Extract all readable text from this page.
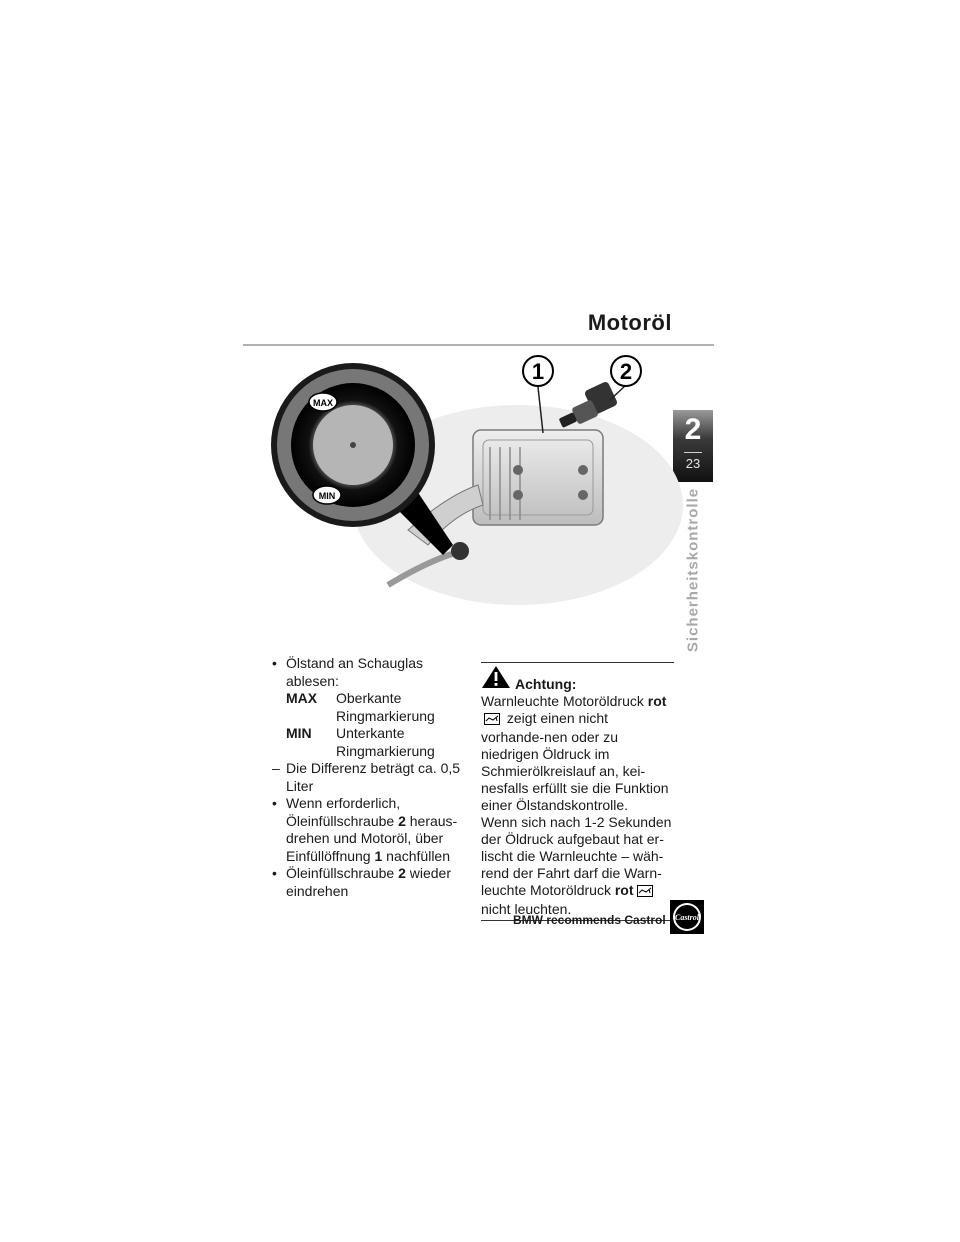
Motoröl
2
23
Sicherheitskontrolle
MAX
MIN
1	2
• Ölstand an Schauglas ablesen:
MAX	Oberkante Ringmarkierung
MIN	Unterkante Ringmarkierung
– Die Differenz beträgt ca. 0,5 Liter
• Wenn erforderlich, Öleinfüllschraube 2 heraus-drehen und Motoröl, über Einfüllöffnung 1 nachfüllen
• Öleinfüllschraube 2 wieder eindrehen
Achtung:
Warnleuchte Motoröldruck rot
zeigt einen nicht vorhande-nen oder zu niedrigen Öldruck im Schmierölkreislauf an, kei-nesfalls erfüllt sie die Funktion einer Ölstandskontrolle.
Wenn sich nach 1-2 Sekunden der Öldruck aufgebaut hat er-lischt die Warnleuchte – wäh-rend der Fahrt darf die Warn-leuchte Motoröldruck rot
nicht leuchten.
BMW recommends Castrol Castrol
